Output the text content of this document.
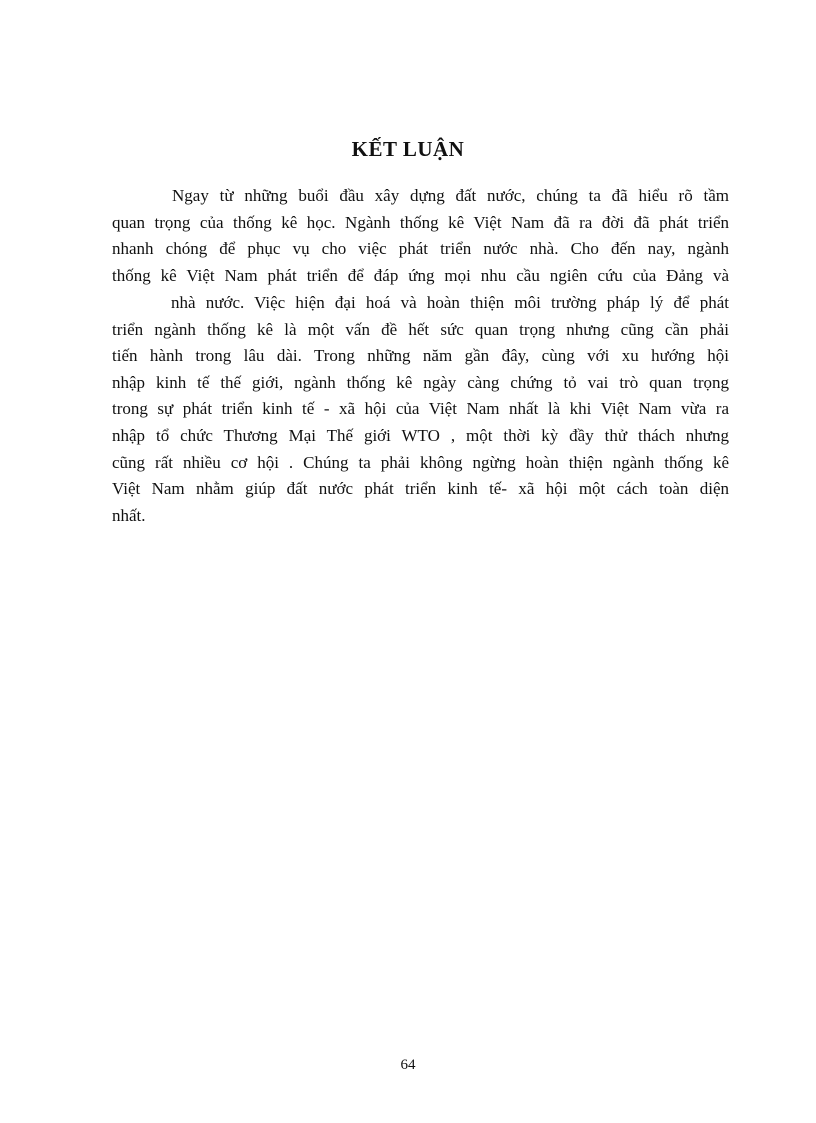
KẾT LUẬN
Ngay từ những buổi đầu xây dựng đất nước, chúng ta đã hiểu rõ tầm
quan trọng của thống kê học. Ngành thống kê Việt Nam đã ra đời đã phát triển
nhanh chóng để phục vụ cho việc phát triển nước nhà. Cho đến nay, ngành
thống kê Việt Nam phát triển để đáp ứng mọi nhu cầu ngiên cứu của Đảng và
nhà nước. Việc hiện đại hoá và hoàn thiện môi trường pháp lý để phát
triển ngành thống kê là một vấn đề hết sức quan trọng nhưng cũng cần phải
tiến hành trong lâu dài. Trong những năm gần đây, cùng với xu hướng hội
nhập kinh tế thế giới, ngành thống kê ngày càng chứng tỏ vai trò quan trọng
trong sự phát triển kinh tế - xã hội của Việt Nam nhất là khi Việt Nam vừa ra
nhập tổ chức Thương Mại Thế giới WTO , một thời kỳ đầy thử thách nhưng
cũng rất nhiều cơ hội . Chúng ta phải không ngừng hoàn thiện ngành thống kê
Việt Nam nhằm giúp đất nước phát triển kinh tế- xã hội một cách toàn diện
nhất.
64
